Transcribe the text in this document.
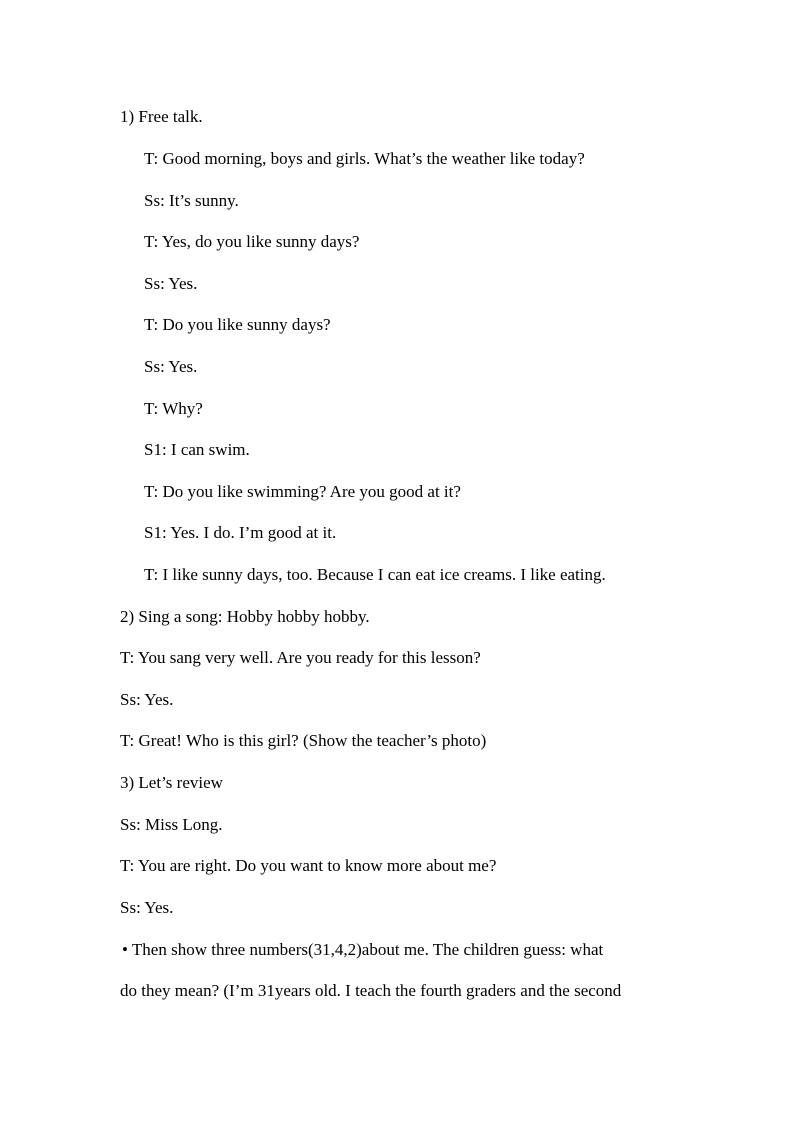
1) Free talk.
T: Good morning, boys and girls. What’s the weather like today?
Ss: It’s sunny.
T: Yes, do you like sunny days?
Ss: Yes.
T: Do you like sunny days?
Ss: Yes.
T: Why?
S1: I can swim.
T: Do you like swimming? Are you good at it?
S1: Yes. I do. I’m good at it.
T: I like sunny days, too. Because I can eat ice creams. I like eating.
2) Sing a song: Hobby hobby hobby.
T: You sang very well. Are you ready for this lesson?
Ss: Yes.
T: Great! Who is this girl? (Show the teacher’s photo)
3) Let’s review
Ss: Miss Long.
T: You are right. Do you want to know more about me?
Ss: Yes.
• Then show three numbers(31,4,2)about me. The children guess: what
do they mean? (I’m 31years old. I teach the fourth graders and the second
